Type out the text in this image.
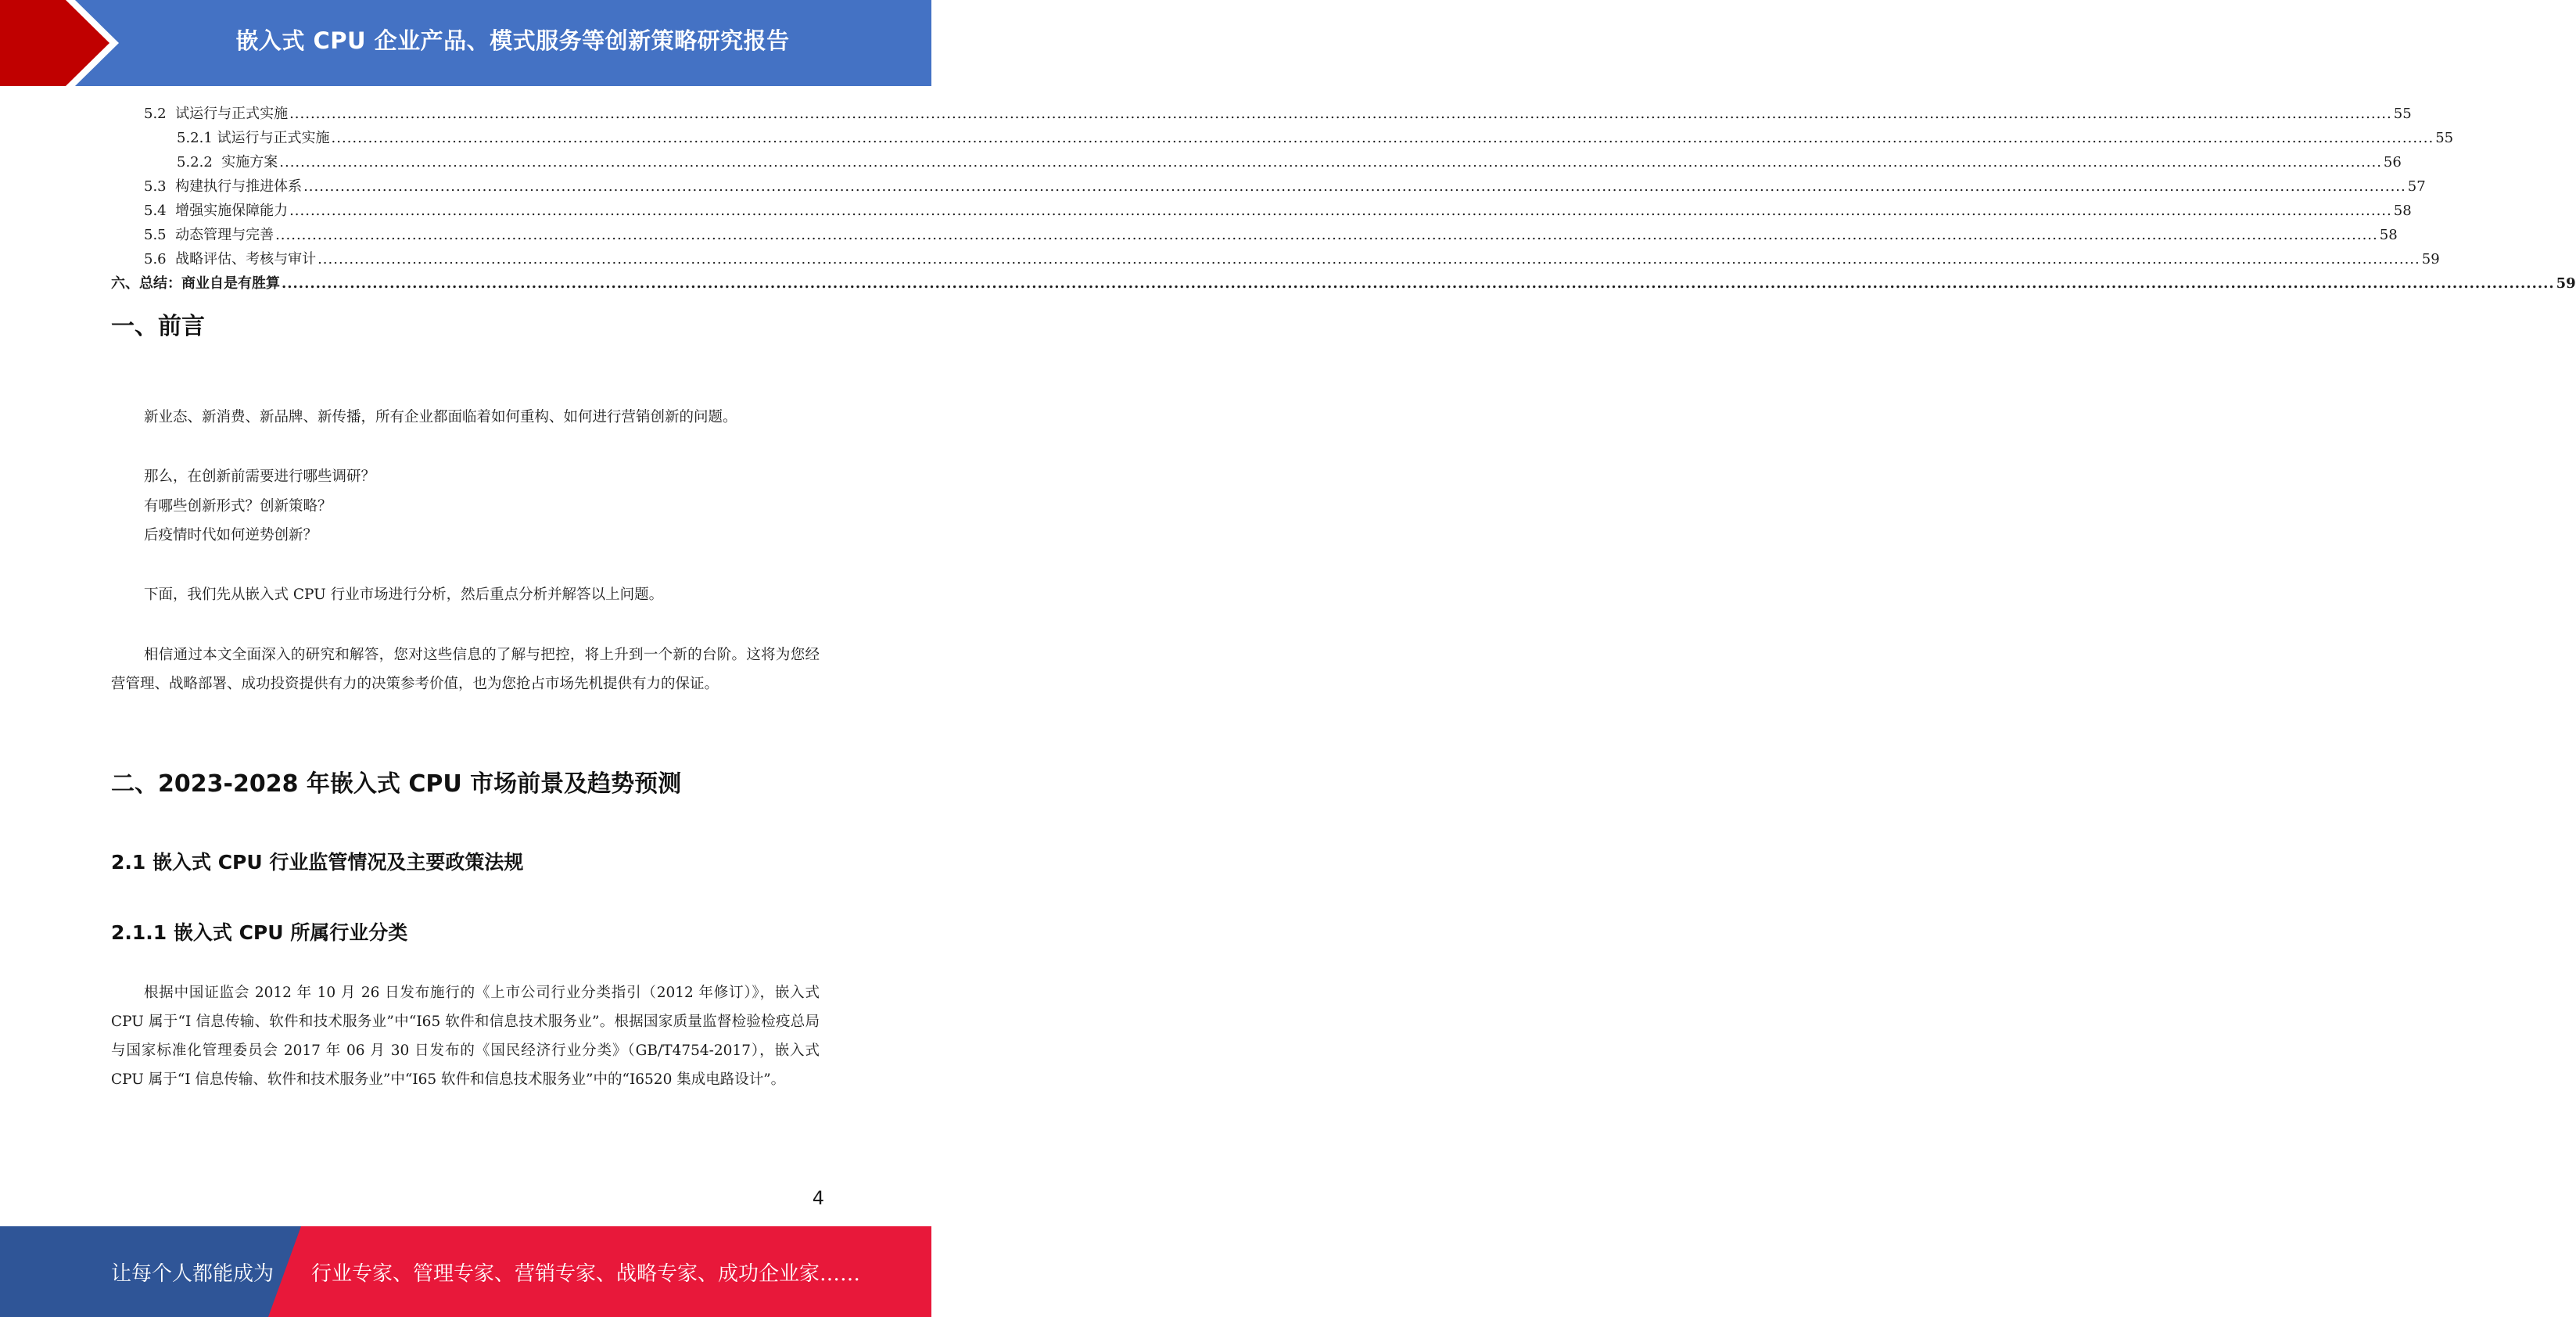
嵌入式 CPU 企业产品、模式服务等创新策略研究报告
5.2  试运行与正式实施 ................................................................................................................................................................................................................................................................................................................................................................................................................ 55
5.2.1 试运行与正式实施 ................................................................................................................................................................................................................................................................................................................................................................................................................ 55
5.2.2  实施方案 ................................................................................................................................................................................................................................................................................................................................................................................................................ 56
5.3  构建执行与推进体系 ................................................................................................................................................................................................................................................................................................................................................................................................................ 57
5.4  增强实施保障能力 ................................................................................................................................................................................................................................................................................................................................................................................................................ 58
5.5  动态管理与完善 ................................................................................................................................................................................................................................................................................................................................................................................................................ 58
5.6  战略评估、考核与审计 ................................................................................................................................................................................................................................................................................................................................................................................................................ 59
六、总结：商业自是有胜算 ................................................................................................................................................................................................................................................................................................................................................................................................................ 59
一、前言
新业态、新消费、新品牌、新传播，所有企业都面临着如何重构、如何进行营销创新的问题。
那么，在创新前需要进行哪些调研？
有哪些创新形式？创新策略？
后疫情时代如何逆势创新？
下面，我们先从嵌入式 CPU 行业市场进行分析，然后重点分析并解答以上问题。
相信通过本文全面深入的研究和解答，您对这些信息的了解与把控，将上升到一个新的台阶。这将为您经营管理、战略部署、成功投资提供有力的决策参考价值，也为您抢占市场先机提供有力的保证。
二、2023-2028 年嵌入式 CPU 市场前景及趋势预测
2.1 嵌入式 CPU 行业监管情况及主要政策法规
2.1.1 嵌入式 CPU 所属行业分类
根据中国证监会 2012 年 10 月 26 日发布施行的《上市公司行业分类指引（2012 年修订）》，嵌入式 CPU 属于“I 信息传输、软件和技术服务业”中“I65 软件和信息技术服务业”。根据国家质量监督检验检疫总局与国家标准化管理委员会 2017 年 06 月 30 日发布的《国民经济行业分类》（GB/T4754-2017），嵌入式 CPU 属于“I 信息传输、软件和技术服务业”中“I65 软件和信息技术服务业”中的“I6520 集成电路设计”。
4
让每个人都能成为 行业专家、管理专家、营销专家、战略专家、成功企业家……
